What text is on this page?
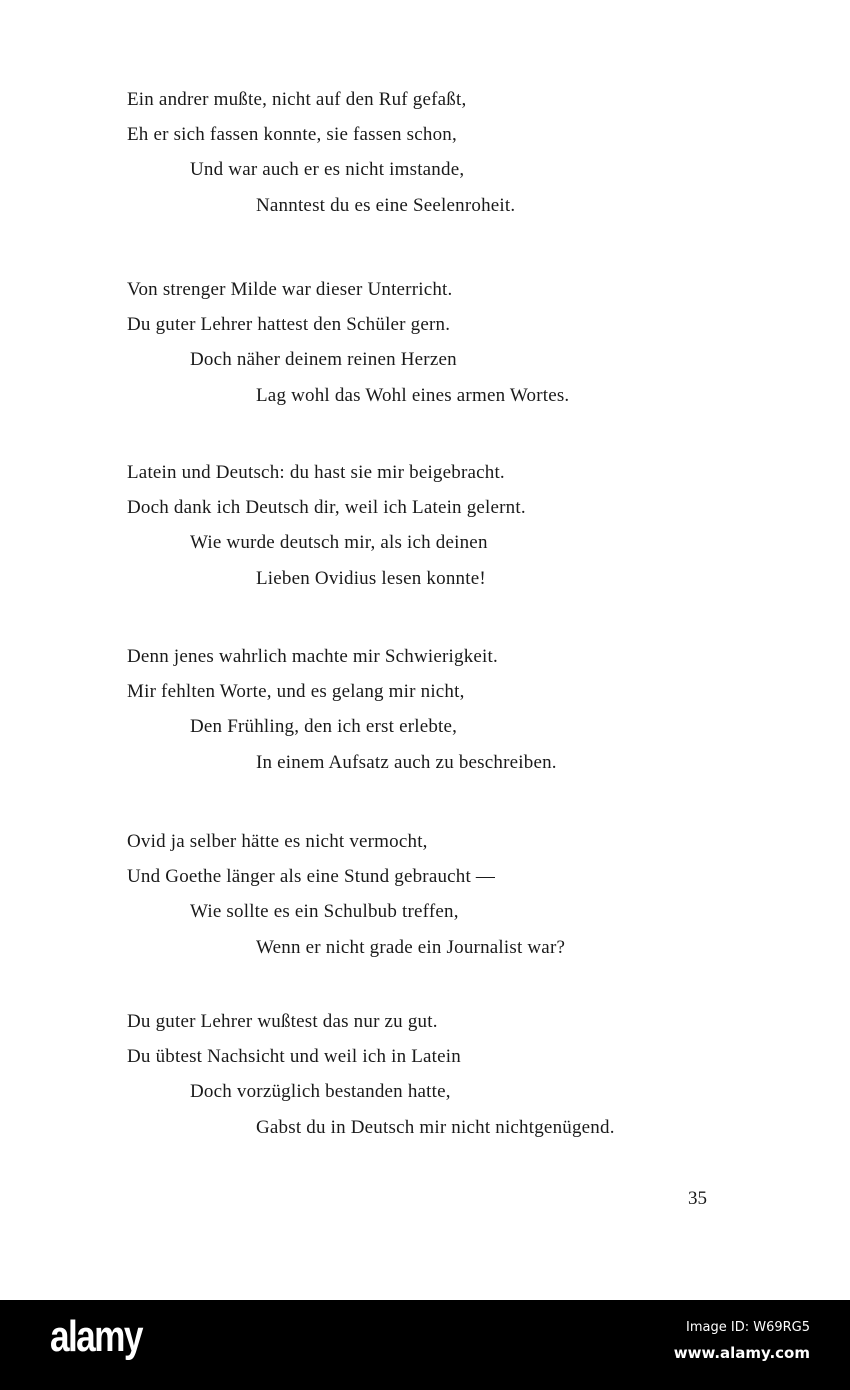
Ein andrer mußte, nicht auf den Ruf gefaßt,
Eh er sich fassen konnte, sie fassen schon,
Und war auch er es nicht imstande,
Nanntest du es eine Seelenroheit.
Von strenger Milde war dieser Unterricht.
Du guter Lehrer hattest den Schüler gern.
Doch näher deinem reinen Herzen
Lag wohl das Wohl eines armen Wortes.
Latein und Deutsch: du hast sie mir beigebracht.
Doch dank ich Deutsch dir, weil ich Latein gelernt.
Wie wurde deutsch mir, als ich deinen
Lieben Ovidius lesen konnte!
Denn jenes wahrlich machte mir Schwierigkeit.
Mir fehlten Worte, und es gelang mir nicht,
Den Frühling, den ich erst erlebte,
In einem Aufsatz auch zu beschreiben.
Ovid ja selber hätte es nicht vermocht,
Und Goethe länger als eine Stund gebraucht —
Wie sollte es ein Schulbub treffen,
Wenn er nicht grade ein Journalist war?
Du guter Lehrer wußtest das nur zu gut.
Du übtest Nachsicht und weil ich in Latein
Doch vorzüglich bestanden hatte,
Gabst du in Deutsch mir nicht nichtgenügend.
35
alamy	Image ID: W69RG5
www.alamy.com
